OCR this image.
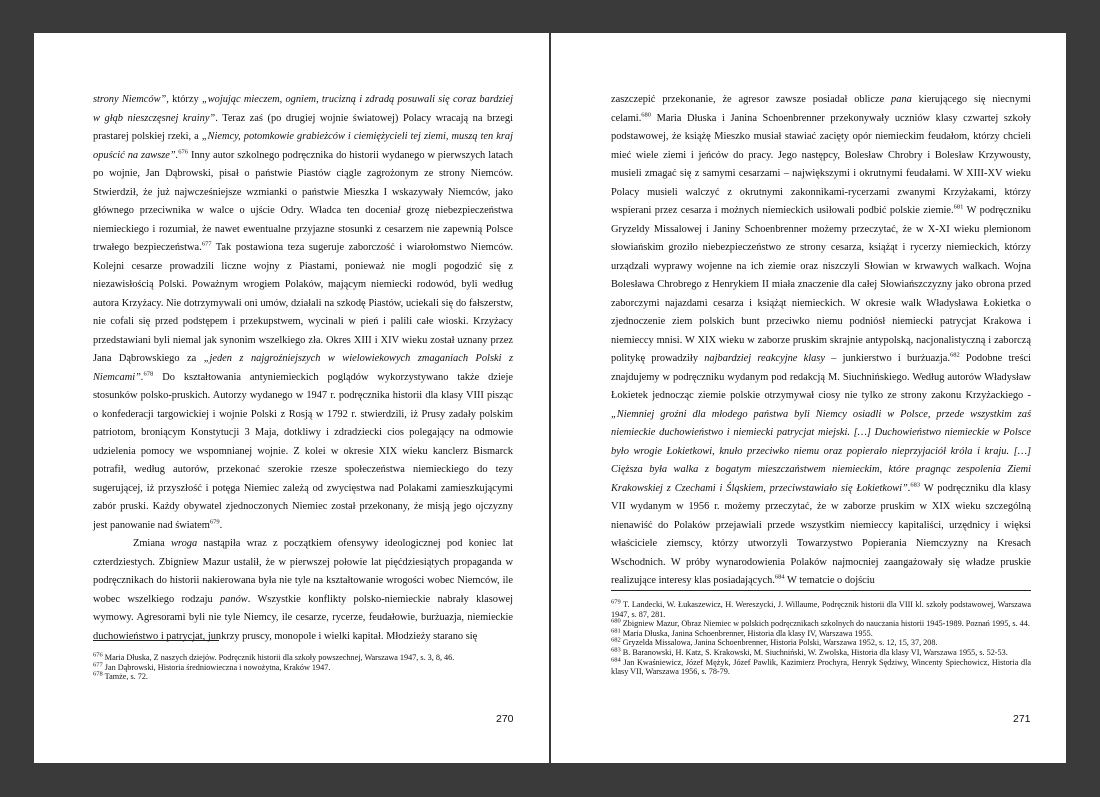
strony Niemców”, którzy „wojując mieczem, ogniem, trucizną i zdradą posuwali się coraz bardziej w głąb nieszczęsnej krainy”. Teraz zaś (po drugiej wojnie światowej) Polacy wracają na brzegi prastarej polskiej rzeki, a „Niemcy, potomkowie grabieżców i ciemiężycieli tej ziemi, muszą ten kraj opuścić na zawsze”.$^{676}$ Inny autor szkolnego podręcznika do historii wydanego w pierwszych latach po wojnie, Jan Dąbrowski, pisał o państwie Piastów ciągle zagrożonym ze strony Niemców. Stwierdził, że już najwcześniejsze wzmianki o państwie Mieszka I wskazywały Niemców, jako głównego przeciwnika w walce o ujście Odry. Władca ten doceniał grozę niebezpieczeństwa niemieckiego i rozumiał, że nawet ewentualne przyjazne stosunki z cesarzem nie zapewnią Polsce trwałego bezpieczeństwa.$^{677}$ Tak postawiona teza sugeruje zaborczość i wiarołomstwo Niemców. Kolejni cesarze prowadzili liczne wojny z Piastami, ponieważ nie mogli pogodzić się z niezawisłością Polski. Poważnym wrogiem Polaków, mającym niemiecki rodowód, byli według autora Krzyżacy. Nie dotrzymywali oni umów, działali na szkodę Piastów, uciekali się do fałszerstw, nie cofali się przed podstępem i przekupstwem, wycinali w pień i palili całe wioski. Krzyżacy przedstawiani byli niemal jak synonim wszelkiego zła. Okres XIII i XIV wieku został uznany przez Jana Dąbrowskiego za „jeden z najgroźniejszych w wielowiekowych zmaganiach Polski z Niemcami”.$^{678}$ Do kształtowania antyniemieckich poglądów wykorzystywano także dzieje stosunków polsko-pruskich. Autorzy wydanego w 1947 r. podręcznika historii dla klasy VIII pisząc o konfederacji targowickiej i wojnie Polski z Rosją w 1792 r. stwierdzili, iż Prusy zadały polskim patriotom, broniącym Konstytucji 3 Maja, dotkliwy i zdradziecki cios polegający na odmowie udzielenia pomocy we wspomnianej wojnie. Z kolei w okresie XIX wieku kanclerz Bismarck potrafił, według autorów, przekonać szerokie rzesze społeczeństwa niemieckiego do tezy sugerującej, iż przyszłość i potęga Niemiec zależą od zwycięstwa nad Polakami zamieszkującymi zabór pruski. Każdy obywatel zjednoczonych Niemiec został przekonany, że misją jego ojczyzny jest panowanie nad światem$^{679}$.

Zmiana wroga nastąpiła wraz z początkiem ofensywy ideologicznej pod koniec lat czterdziestych. Zbigniew Mazur ustalił, że w pierwszej połowie lat pięćdziesiątych propaganda w podręcznikach do historii nakierowana była nie tyle na kształtowanie wrogości wobec Niemców, ile wobec wszelkiego rodzaju panów. Wszystkie konflikty polsko-niemieckie nabrały klasowej wymowy. Agresorami byli nie tyle Niemcy, ile cesarze, rycerze, feudałowie, burżuazja, niemieckie duchowieństwo i patrycjat, junkrzy pruscy, monopole i wielki kapitał. Młodzieży starano się

$^{676}$ Maria Dłuska, Z naszych dziejów. Podręcznik historii dla szkoły powszechnej, Warszawa 1947, s. 3, 8, 46.
$^{677}$ Jan Dąbrowski, Historia średniowieczna i nowożytna, Kraków 1947.
$^{678}$ Tamże, s. 72.
270

zaszczepić przekonanie, że agresor zawsze posiadał oblicze pana kierującego się niecnymi celami.$^{680}$ Maria Dłuska i Janina Schoenbrenner przekonywały uczniów klasy czwartej szkoły podstawowej, że książę Mieszko musiał stawiać zacięty opór niemieckim feudałom, którzy chcieli mieć wiele ziemi i jeńców do pracy. Jego następcy, Bolesław Chrobry i Bolesław Krzywousty, musieli zmagać się z samymi cesarzami – największymi i okrutnymi feudałami. W XIII-XV wieku Polacy musieli walczyć z okrutnymi zakonnikami-rycerzami zwanymi Krzyżakami, którzy wspierani przez cesarza i możnych niemieckich usiłowali podbić polskie ziemie.$^{681}$ W podręczniku Gryzeldy Missalowej i Janiny Schoenbrenner możemy przeczytać, że w X-XI wieku plemionom słowiańskim groziło niebezpieczeństwo ze strony cesarza, książąt i rycerzy niemieckich, którzy urządzali wyprawy wojenne na ich ziemie oraz niszczyli Słowian w krwawych walkach. Wojna Bolesława Chrobrego z Henrykiem II miała znaczenie dla całej Słowiańszczyzny jako obrona przed zaborczymi najazdami cesarza i książąt niemieckich. W okresie walk Władysława Łokietka o zjednoczenie ziem polskich bunt przeciwko niemu podniósł niemiecki patrycjat Krakowa i niemieccy mnisi. W XIX wieku w zaborze pruskim skrajnie antypolską, nacjonalistyczną i zaborczą politykę prowadziły najbardziej reakcyjne klasy – junkierstwo i burżuazja.$^{682}$ Podobne treści znajdujemy w podręczniku wydanym pod redakcją M. Siuchnińskiego. Według autorów Władysław Łokietek jednocząc ziemie polskie otrzymywał ciosy nie tylko ze strony zakonu Krzyżackiego - „Niemniej groźni dla młodego państwa byli Niemcy osiadli w Polsce, przede wszystkim zaś niemieckie duchowieństwo i niemiecki patrycjat miejski. […] Duchowieństwo niemieckie w Polsce było wrogie Łokietkowi, knuło przeciwko niemu oraz popierało nieprzyjaciół króla i kraju. […] Cięższa była walka z bogatym mieszczaństwem niemieckim, które pragnąc zespolenia Ziemi Krakowskiej z Czechami i Śląskiem, przeciwstawiało się Łokietkowi”.$^{683}$ W podręczniku dla klasy VII wydanym w 1956 r. możemy przeczytać, że w zaborze pruskim w XIX wieku szczególną nienawiść do Polaków przejawiali przede wszystkim niemieccy kapitaliści, urzędnicy i więksi właściciele ziemscy, którzy utworzyli Towarzystwo Popierania Niemczyzny na Kresach Wschodnich. W próby wynarodowienia Polaków najmocniej zaangażowały się władze pruskie realizujące interesy klas posiadających.$^{684}$ W tematcie o dojściu

$^{679}$ T. Landecki, W. Łukaszewicz, H. Wereszycki, J. Willaume, Podręcznik historii dla VIII kl. szkoły podstawowej, Warszawa 1947, s. 87, 281.
$^{680}$ Zbigniew Mazur, Obraz Niemiec w polskich podręcznikach szkolnych do nauczania historii 1945-1989. Poznań 1995, s. 44.
$^{681}$ Maria Dłuska, Janina Schoenbrenner, Historia dla klasy IV, Warszawa 1955.
$^{682}$ Gryzelda Missalowa, Janina Schoenbrenner, Historia Polski, Warszawa 1952, s. 12, 15, 37, 208.
$^{683}$ B. Baranowski, H. Katz, S. Krakowski, M. Siuchniński, W. Zwolska, Historia dla klasy VI, Warszawa 1955, s. 52-53.
$^{684}$ Jan Kwaśniewicz, Józef Mężyk, Józef Pawlik, Kazimierz Prochyra, Henryk Sędziwy, Wincenty Spiechowicz, Historia dla klasy VII, Warszawa 1956, s. 78-79.
271
